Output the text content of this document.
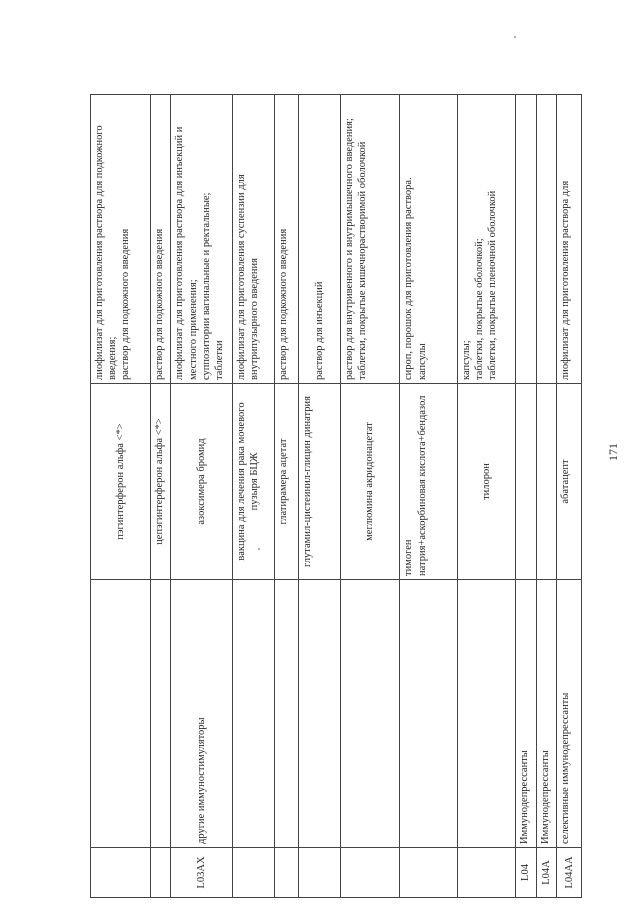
		пэгинтерферон альфа <*>	лиофилизат для приготовления раствора для подкожного введения;
раствор для подкожного введения
		цепэгинтерферон альфа <*>	раствор для подкожного введения
L03AX	другие иммуностимуляторы	азоксимера бромид	лиофилизат для приготовления раствора для инъекций и местного применения;
суппозитории вагинальные и ректальные;
таблетки
		вакцина для лечения рака мочевого пузыря БЦЖ	лиофилизат для приготовления суспензии для внутрипузырного введения
		глатирамера ацетат	раствор для подкожного введения
		глутамил-цистеинил-глицин динатрия	раствор для инъекций
		меглюмина акридонацетат	раствор для внутривенного и внутримышечного введения;
таблетки, покрытые кишечнорастворимой оболочкой
		тимоген
натрия+аскорбиновая кислота+бендазол	сироп, порошок для приготовления раствора.
капсулы
		тилорон	капсулы;
таблетки, покрытые оболочкой;
таблетки, покрытые пленочной оболочкой
L04	Иммунодепрессанты		
L04A	Иммунодепрессанты		
L04AA	селективные иммунодепрессанты	абатацепт	лиофилизат для приготовления раствора для
171
